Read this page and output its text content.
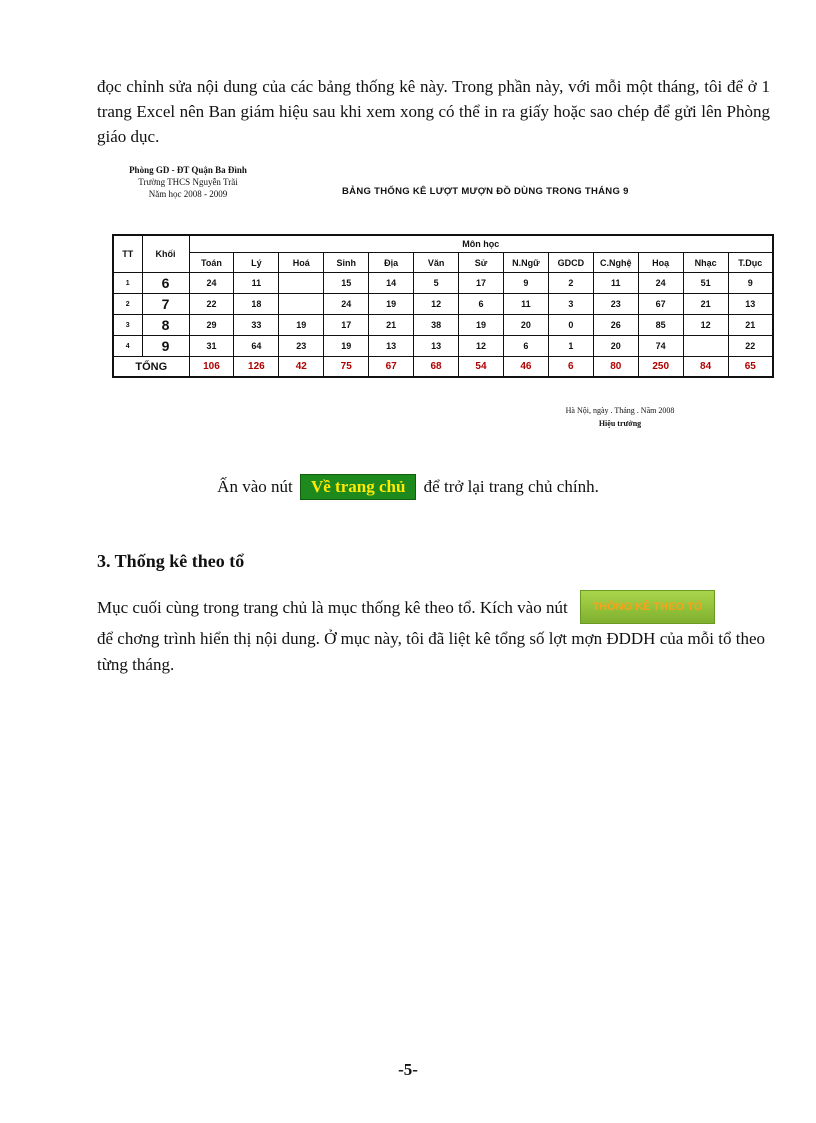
đọc chỉnh sửa nội dung của các bảng thống kê này. Trong phần này, với mỗi một tháng, tôi để ở 1 trang Excel nên Ban giám hiệu sau khi xem xong có thể in ra giấy hoặc sao chép để gửi lên Phòng giáo dục.
Phòng GD - ĐT Quận Ba Đình
Trường THCS Nguyễn Trãi
Năm học 2008 - 2009	BẢNG THỐNG KÊ LƯỢT MƯỢN ĐỒ DÙNG TRONG THÁNG 9
TT	Khối	Môn học												
		Toán	Lý	Hoá	Sinh	Địa	Văn	Sử	N.Ngữ	GDCD	C.Nghệ	Hoạ	Nhạc	T.Dục
1	6	24	11		15	14	5	17	9	2	11	24	51	9
2	7	22	18		24	19	12	6	11	3	23	67	21	13
3	8	29	33	19	17	21	38	19	20	0	26	85	12	21
4	9	31	64	23	19	13	13	12	6	1	20	74		22
TỔNG		106	126	42	75	67	68	54	46	6	80	250	84	65
Hà Nội, ngày . Tháng . Năm 2008
Hiệu trưởng
Ấn vào nút Về trang chủ để trở lại trang chủ chính.
3. Thống kê theo tổ
Mục cuối cùng trong trang chủ là mục thống kê theo tổ. Kích vào nút THỐNG KÊ THEO TỔ
để chơng trình hiển thị nội dung. Ở mục này, tôi đã liệt kê tổng số lợt mợn ĐDDH của mỗi tổ theo từng tháng.
-5-
